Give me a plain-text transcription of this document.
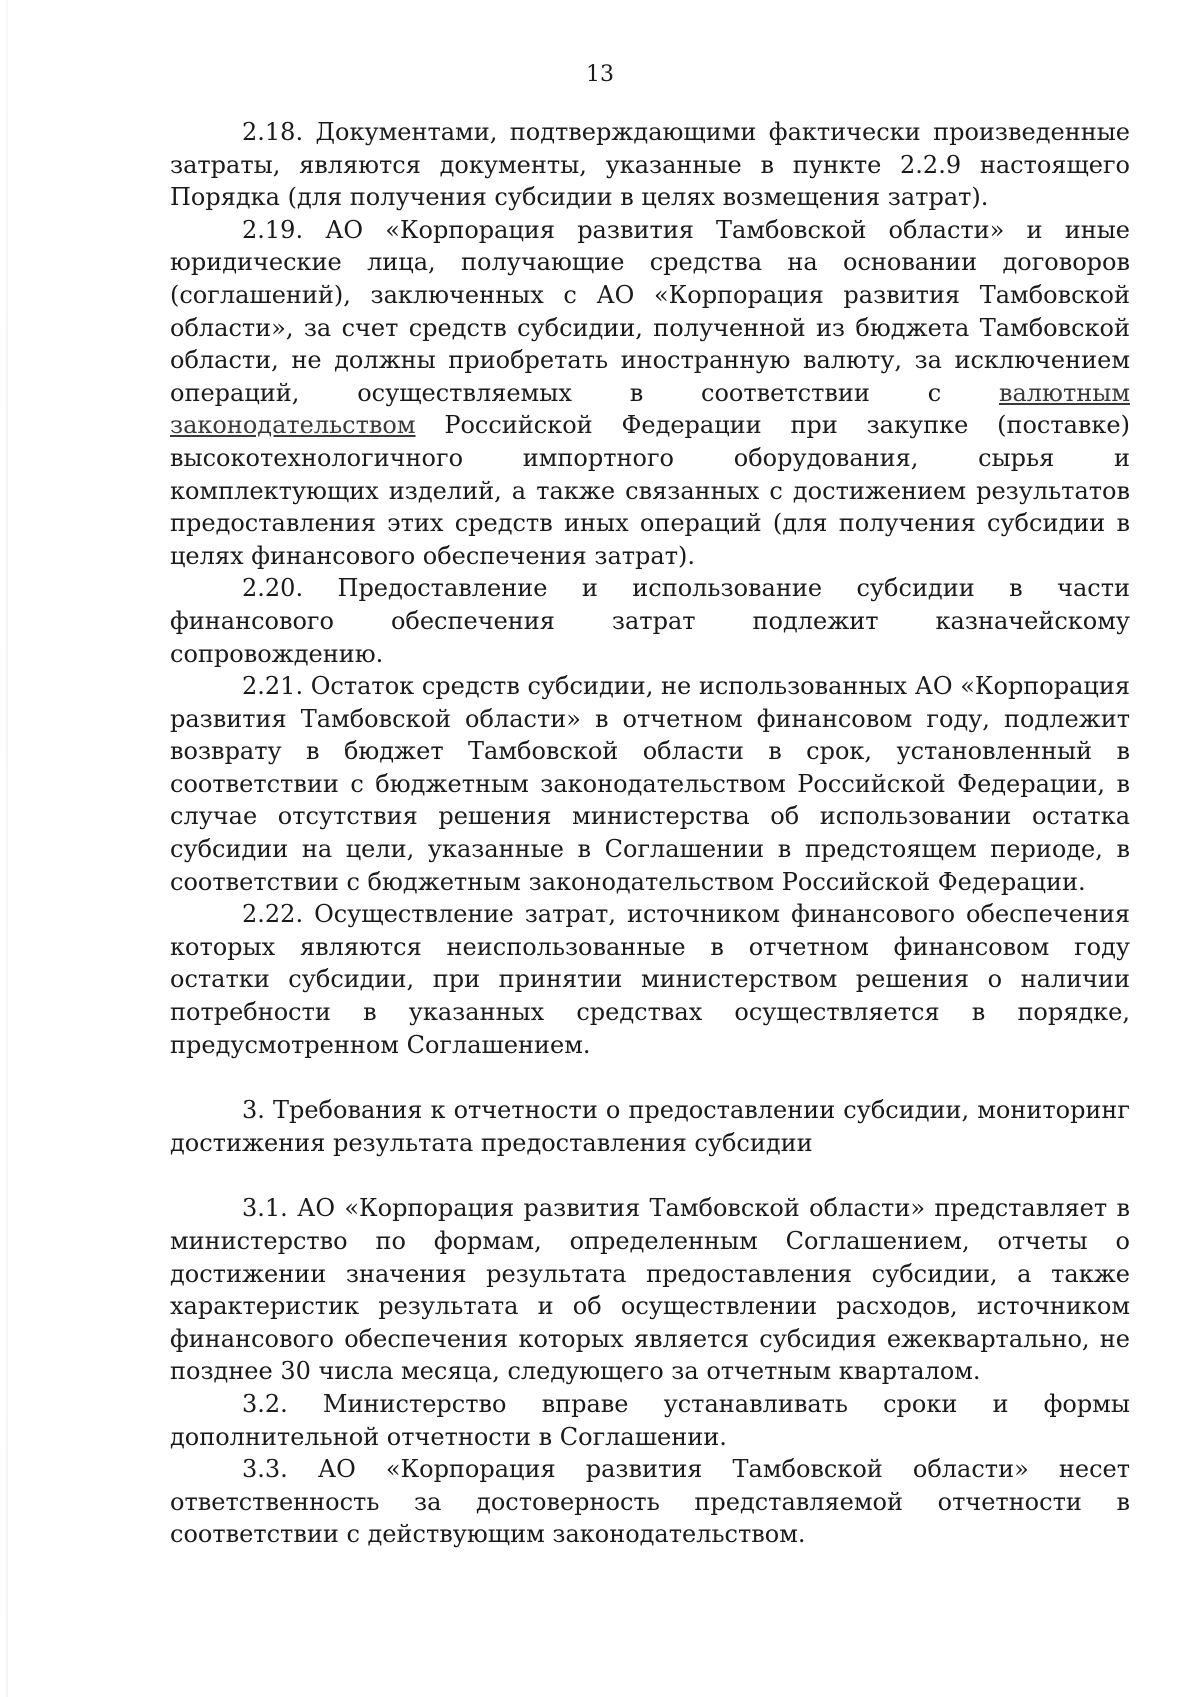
13

2.18. Документами, подтверждающими фактически произведенные затраты, являются документы, указанные в пункте 2.2.9 настоящего Порядка (для получения субсидии в целях возмещения затрат).

2.19. АО «Корпорация развития Тамбовской области» и иные юридические лица, получающие средства на основании договоров (соглашений), заключенных с АО «Корпорация развития Тамбовской области», за счет средств субсидии, полученной из бюджета Тамбовской области, не должны приобретать иностранную валюту, за исключением операций, осуществляемых в соответствии с валютным законодательством Российской Федерации при закупке (поставке) высокотехнологичного импортного оборудования, сырья и комплектующих изделий, а также связанных с достижением результатов предоставления этих средств иных операций (для получения субсидии в целях финансового обеспечения затрат).

2.20. Предоставление и использование субсидии в части финансового обеспечения затрат подлежит казначейскому сопровождению.

2.21. Остаток средств субсидии, не использованных АО «Корпорация развития Тамбовской области» в отчетном финансовом году, подлежит возврату в бюджет Тамбовской области в срок, установленный в соответствии с бюджетным законодательством Российской Федерации, в случае отсутствия решения министерства об использовании остатка субсидии на цели, указанные в Соглашении в предстоящем периоде, в соответствии с бюджетным законодательством Российской Федерации.

2.22. Осуществление затрат, источником финансового обеспечения которых являются неиспользованные в отчетном финансовом году остатки субсидии, при принятии министерством решения о наличии потребности в указанных средствах осуществляется в порядке, предусмотренном Соглашением.

3. Требования к отчетности о предоставлении субсидии, мониторинг достижения результата предоставления субсидии

3.1. АО «Корпорация развития Тамбовской области» представляет в министерство по формам, определенным Соглашением, отчеты о достижении значения результата предоставления субсидии, а также характеристик результата и об осуществлении расходов, источником финансового обеспечения которых является субсидия ежеквартально, не позднее 30 числа месяца, следующего за отчетным кварталом.

3.2. Министерство вправе устанавливать сроки и формы дополнительной отчетности в Соглашении.

3.3. АО «Корпорация развития Тамбовской области» несет ответственность за достоверность представляемой отчетности в соответствии с действующим законодательством.
